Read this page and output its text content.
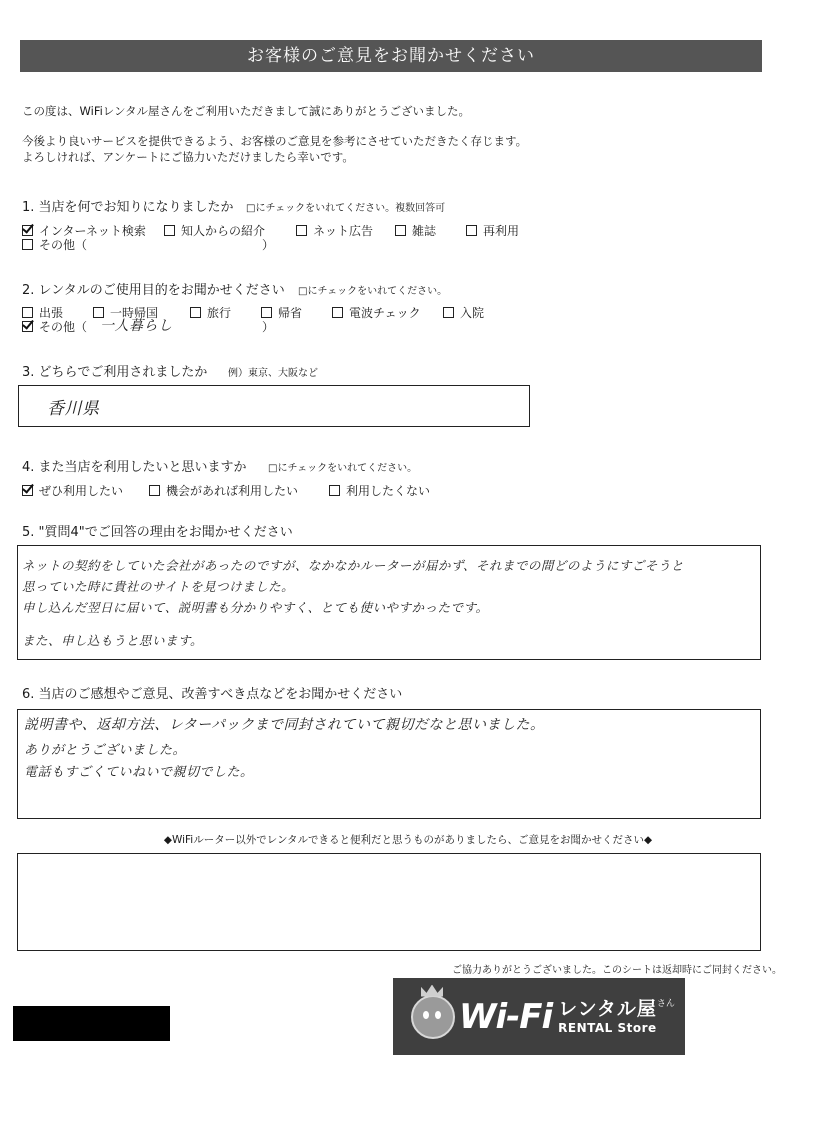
お客様のご意見をお聞かせください
この度は、WiFiレンタル屋さんをご利用いただきまして誠にありがとうございました。
今後より良いサービスを提供できるよう、お客様のご意見を参考にさせていただきたく存じます。
よろしければ、アンケートにご協力いただけましたら幸いです。
1. 当店を何でお知りになりましたか □にチェックをいれてください。複数回答可
インターネット検索	知人からの紹介	ネット広告	雑誌	再利用
その他（	）
2. レンタルのご使用目的をお聞かせください □にチェックをいれてください。
出張	一時帰国	旅行	帰省	電波チェック	入院
その他（ 一人暮らし	）
3. どちらでご利用されましたか 例）東京、大阪など
香川県
4. また当店を利用したいと思いますか □にチェックをいれてください。
ぜひ利用したい	機会があれば利用したい	利用したくない
5. "質問4"でご回答の理由をお聞かせください
ネットの契約をしていた会社があったのですが、なかなかルーターが届かず、それまでの間どのようにすごそうと
思っていた時に貴社のサイトを見つけました。
申し込んだ翌日に届いて、説明書も分かりやすく、とても使いやすかったです。
また、申し込もうと思います。
6. 当店のご感想やご意見、改善すべき点などをお聞かせください
説明書や、返却方法、レターパックまで同封されていて親切だなと思いました。
ありがとうございました。
電話もすごくていねいで親切でした。
◆WiFiルーター以外でレンタルできると便利だと思うものがありましたら、ご意見をお聞かせください◆
ご協力ありがとうございました。このシートは返却時にご同封ください。
Wi-Fi レンタル屋$^{さん}$
RENTAL Store
